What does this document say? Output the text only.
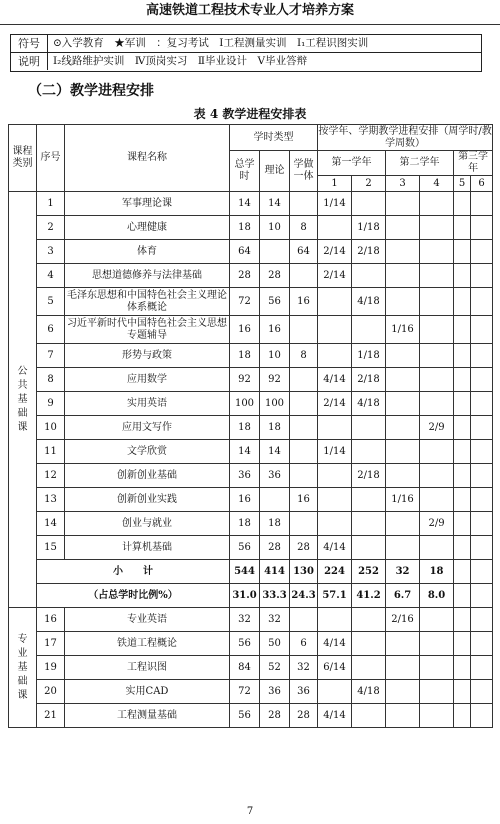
高速铁道工程技术专业人才培养方案
符号	⊙入学教育　★军训　：复习考试　Ⅰ工程测量实训　Ⅰ₁工程识图实训
说明	Ⅰ₂线路维护实训　Ⅳ顶岗实习　Ⅱ毕业设计　Ⅴ毕业答辩
（二）教学进程安排
表 4 教学进程安排表
课程类别	序号	课程名称	学时类型			按学年、学期教学进程安排（周学时/教学周数）					
			总学时	理论	学做一体	第一学年		第二学年		第三学年	
						1	2	3	4	5	6
公共基础课	1	军事理论课	14	14		1/14					
	2	心理健康	18	10	8		1/18				
	3	体育	64		64	2/14	2/18				
	4	思想道德修养与法律基础	28	28		2/14					
	5	毛泽东思想和中国特色社会主义理论体系概论	72	56	16		4/18				
	6	习近平新时代中国特色社会主义思想专题辅导	16	16				1/16			
	7	形势与政策	18	10	8		1/18				
	8	应用数学	92	92		4/14	2/18				
	9	实用英语	100	100		2/14	4/18				
	10	应用文写作	18	18					2/9		
	11	文学欣赏	14	14		1/14					
	12	创新创业基础	36	36			2/18				
	13	创新创业实践	16		16			1/16			
	14	创业与就业	18	18					2/9		
	15	计算机基础	56	28	28	4/14					
	小　　计		544	414	130	224	252	32	18		
	（占总学时比例%）		31.0	33.3	24.3	57.1	41.2	6.7	8.0		
专业基础课	16	专业英语	32	32				2/16			
	17	铁道工程概论	56	50	6	4/14					
	19	工程识图	84	52	32	6/14					
	20	实用CAD	72	36	36		4/18				
	21	工程测量基础	56	28	28	4/14					
7
